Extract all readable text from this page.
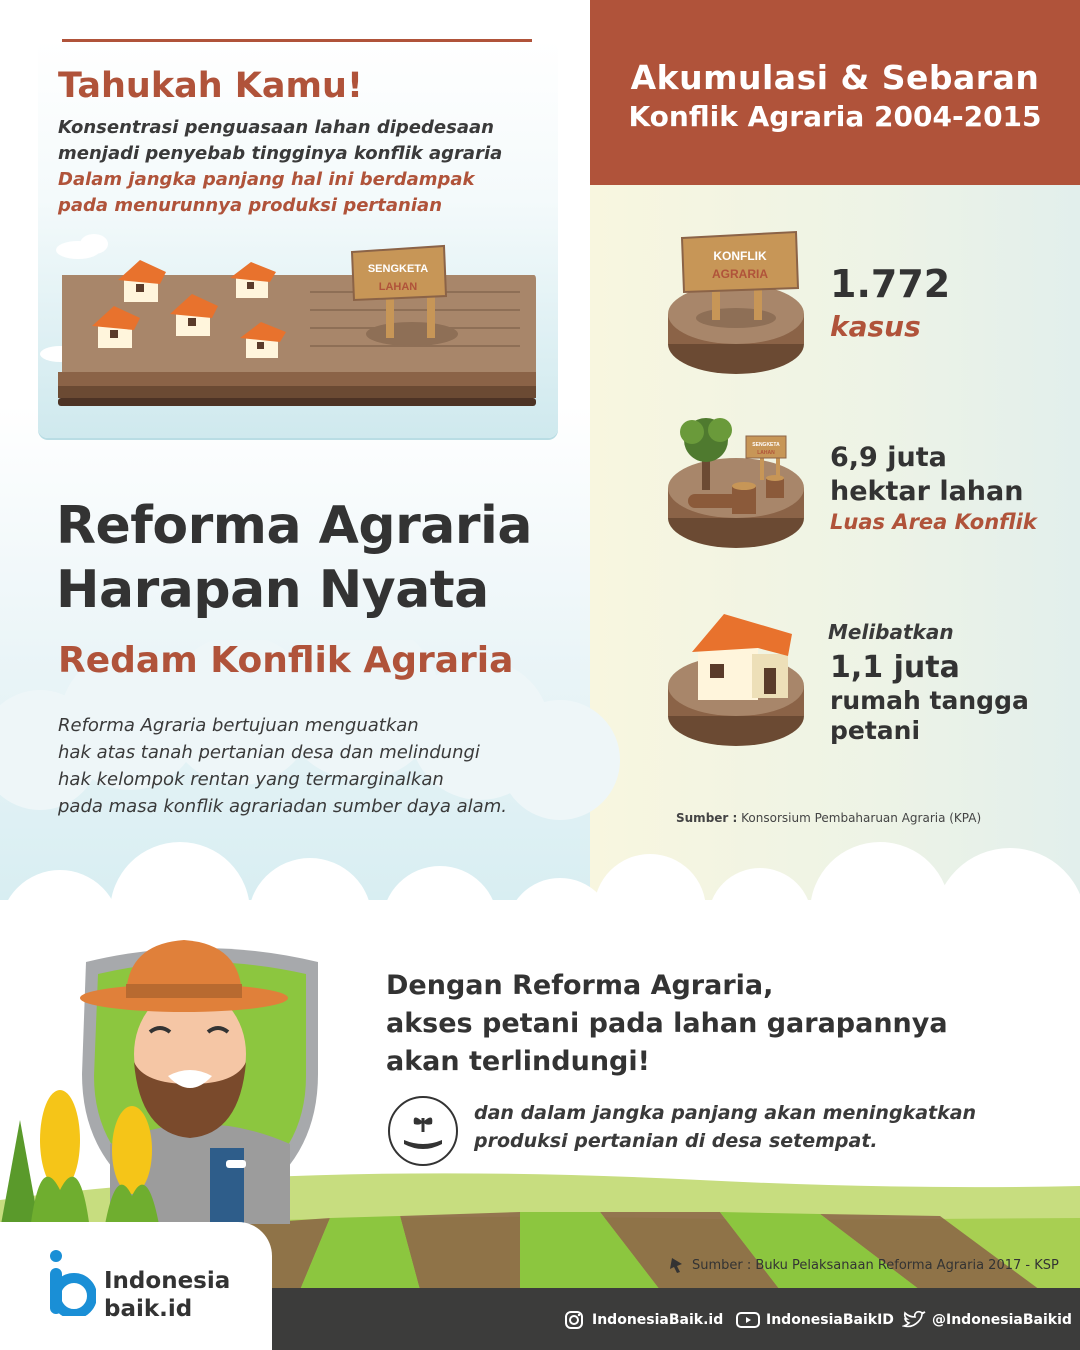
Akumulasi & Sebaran
Konflik Agraria 2004-2015
Tahukah Kamu!
Konsentrasi penguasaan lahan dipedesaan
menjadi penyebab tingginya konflik agraria
Dalam jangka panjang hal ini berdampak
pada menurunnya produksi pertanian
SENGKETA
LAHAN
Reforma Agraria
Harapan Nyata
Redam Konflik Agraria
Reforma Agraria bertujuan menguatkan
hak atas tanah pertanian desa dan melindungi
hak kelompok rentan yang termarginalkan
pada masa konflik agrariadan sumber daya alam.
KONFLIK
AGRARIA 1.772
kasus
SENGKETA
LAHAN 6,9 juta
hektar lahan
Luas Area Konflik
Melibatkan
1,1 juta
rumah tangga
petani
Sumber : Konsorsium Pembaharuan Agraria (KPA)
Dengan Reforma Agraria,
akses petani pada lahan garapannya
akan terlindungi!
dan dalam jangka panjang akan meningkatkan
produksi pertanian di desa setempat.
Sumber : Buku Pelaksanaan Reforma Agraria 2017 - KSP
Indonesia
baik.id	IndonesiaBaik.id	IndonesiaBaikID	@IndonesiaBaikid
